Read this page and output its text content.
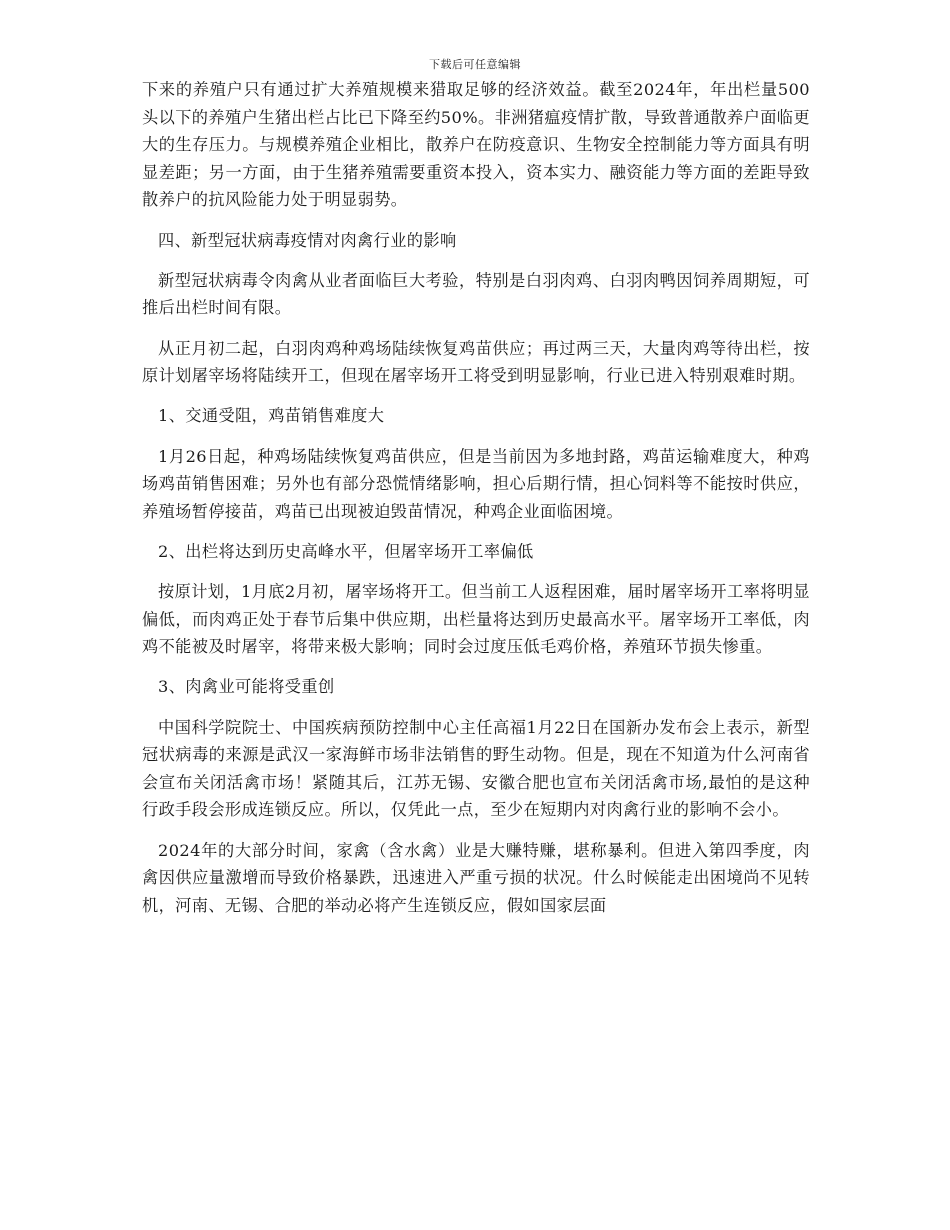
下载后可任意编辑

下来的养殖户只有通过扩大养殖规模来猎取足够的经济效益。截至2024年，年出栏量500头以下的养殖户生猪出栏占比已下降至约50%。非洲猪瘟疫情扩散，导致普通散养户面临更大的生存压力。与规模养殖企业相比，散养户在防疫意识、生物安全控制能力等方面具有明显差距；另一方面，由于生猪养殖需要重资本投入，资本实力、融资能力等方面的差距导致散养户的抗风险能力处于明显弱势。

四、新型冠状病毒疫情对肉禽行业的影响

新型冠状病毒令肉禽从业者面临巨大考验，特别是白羽肉鸡、白羽肉鸭因饲养周期短，可推后出栏时间有限。

从正月初二起，白羽肉鸡种鸡场陆续恢复鸡苗供应；再过两三天，大量肉鸡等待出栏，按原计划屠宰场将陆续开工，但现在屠宰场开工将受到明显影响，行业已进入特别艰难时期。

1、交通受阻，鸡苗销售难度大

1月26日起，种鸡场陆续恢复鸡苗供应，但是当前因为多地封路，鸡苗运输难度大，种鸡场鸡苗销售困难；另外也有部分恐慌情绪影响，担心后期行情，担心饲料等不能按时供应，养殖场暂停接苗，鸡苗已出现被迫毁苗情况，种鸡企业面临困境。

2、出栏将达到历史高峰水平，但屠宰场开工率偏低

按原计划，1月底2月初，屠宰场将开工。但当前工人返程困难，届时屠宰场开工率将明显偏低，而肉鸡正处于春节后集中供应期，出栏量将达到历史最高水平。屠宰场开工率低，肉鸡不能被及时屠宰，将带来极大影响；同时会过度压低毛鸡价格，养殖环节损失惨重。

3、肉禽业可能将受重创

中国科学院院士、中国疾病预防控制中心主任高福1月22日在国新办发布会上表示，新型冠状病毒的来源是武汉一家海鲜市场非法销售的野生动物。但是，现在不知道为什么河南省会宣布关闭活禽市场！紧随其后，江苏无锡、安徽合肥也宣布关闭活禽市场,最怕的是这种行政手段会形成连锁反应。所以，仅凭此一点，至少在短期内对肉禽行业的影响不会小。

2024年的大部分时间，家禽（含水禽）业是大赚特赚，堪称暴利。但进入第四季度，肉禽因供应量激增而导致价格暴跌，迅速进入严重亏损的状况。什么时候能走出困境尚不见转机，河南、无锡、合肥的举动必将产生连锁反应，假如国家层面
